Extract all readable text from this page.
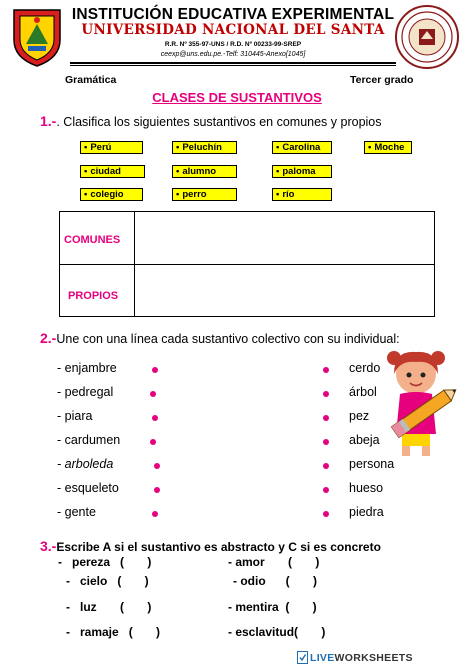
INSTITUCIÓN EDUCATIVA EXPERIMENTAL
UNIVERSIDAD NACIONAL DEL SANTA
R.R. Nº 355-97-UNS / R.D. Nº 00233-99-SREP
ceexp@uns.edu.pe.-Telf: 310445-Anexo[1045]
Gramática	Tercer grado
CLASES DE SUSTANTIVOS
1.-. Clasifica los siguientes sustantivos en comunes y propios
• Perú	• Peluchín	• Carolina	• Moche
• ciudad	• alumno	• paloma
• colegio	• perro	• río
COMUNES
PROPIOS
2.-Une con una línea cada sustantivo colectivo con su individual:
- enjambre
- pedregal
- piara
- cardumen
- arboleda
- esqueleto
- gente
cerdo
árbol
pez
abeja
persona
hueso
piedra
3.-Escribe A si el sustantivo es abstracto y C si es concreto
-   pereza   (       )
-   cielo   (       )
-   luz       (       )
-   ramaje   (       )
- amor       (       )
- odio      (       )
- mentira  (       )
- esclavitud(       )
LIVEWORKSHEETS
